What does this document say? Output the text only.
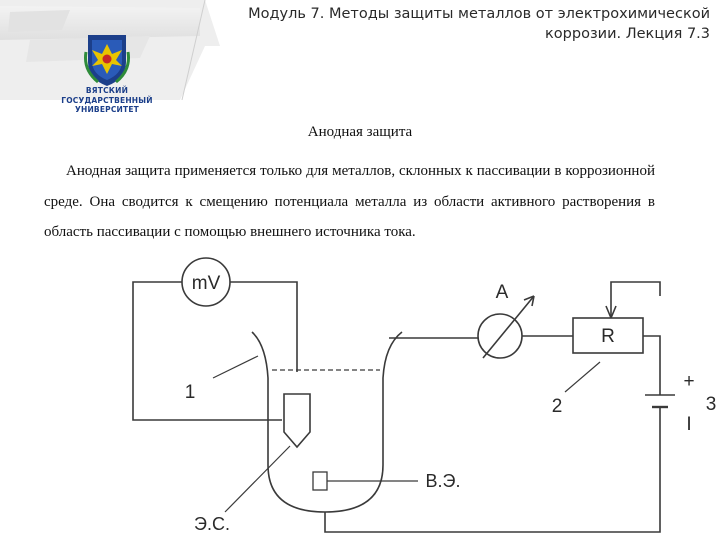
Модуль 7. Методы защиты металлов от электрохимической
коррозии. Лекция 7.3
ВЯТСКИЙ
ГОСУДАРСТВЕННЫЙ
УНИВЕРСИТЕТ
Анодная защита

Анодная защита применяется только для металлов, склонных к пассивации в коррозионной среде. Она сводится к смещению потенциала металла из области активного растворения в область пассивации с помощью внешнего источника тока.

mV	A
R
1
2	3
+
I
В.Э.
Э.С.
